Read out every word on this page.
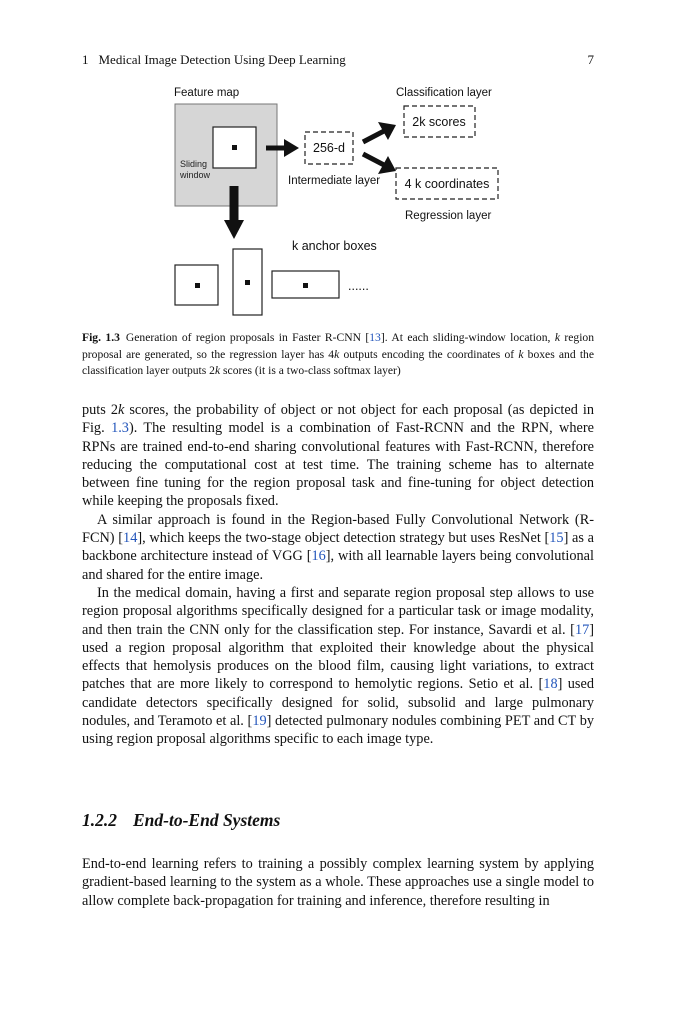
1 Medical Image Detection Using Deep Learning	7
Feature map
Sliding window
256-d
Intermediate layer
Classification layer
2k scores
4 k coordinates
Regression layer
k anchor boxes
......
Fig. 1.3 Generation of region proposals in Faster R-CNN [13]. At each sliding-window location, k region proposal are generated, so the regression layer has 4k outputs encoding the coordinates of k boxes and the classification layer outputs 2k scores (it is a two-class softmax layer)

puts 2k scores, the probability of object or not object for each proposal (as depicted in Fig. 1.3). The resulting model is a combination of Fast-RCNN and the RPN, where RPNs are trained end-to-end sharing convolutional features with Fast-RCNN, therefore reducing the computational cost at test time. The training scheme has to alternate between fine tuning for the region proposal task and fine-tuning for object detection while keeping the proposals fixed.

A similar approach is found in the Region-based Fully Convolutional Network (R-FCN) [14], which keeps the two-stage object detection strategy but uses ResNet [15] as a backbone architecture instead of VGG [16], with all learnable layers being convolutional and shared for the entire image.

In the medical domain, having a first and separate region proposal step allows to use region proposal algorithms specifically designed for a particular task or image modality, and then train the CNN only for the classification step. For instance, Savardi et al. [17] used a region proposal algorithm that exploited their knowledge about the physical effects that hemolysis produces on the blood film, causing light variations, to extract patches that are more likely to correspond to hemolytic regions. Setio et al. [18] used candidate detectors specifically designed for solid, subsolid and large pulmonary nodules, and Teramoto et al. [19] detected pulmonary nodules combining PET and CT by using region proposal algorithms specific to each image type.

1.2.2 End-to-End Systems

End-to-end learning refers to training a possibly complex learning system by applying gradient-based learning to the system as a whole. These approaches use a single model to allow complete back-propagation for training and inference, therefore resulting in
